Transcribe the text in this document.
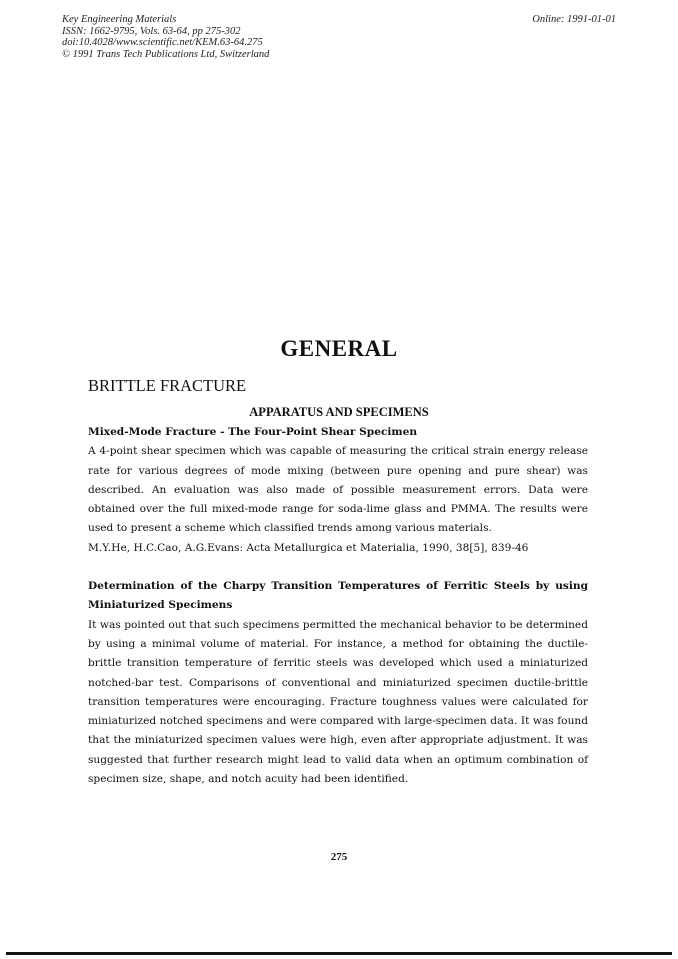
Key Engineering Materials
ISSN: 1662-9795, Vols. 63-64, pp 275-302
doi:10.4028/www.scientific.net/KEM.63-64.275
© 1991 Trans Tech Publications Ltd, Switzerland
Online: 1991-01-01
GENERAL
BRITTLE FRACTURE
APPARATUS AND SPECIMENS

Mixed-Mode Fracture - The Four-Point Shear Specimen

A 4-point shear specimen which was capable of measuring the critical strain energy release rate for various degrees of mode mixing (between pure opening and pure shear) was described. An evaluation was also made of possible measurement errors. Data were obtained over the full mixed-mode range for soda-lime glass and PMMA. The results were used to present a scheme which classified trends among various materials.

M.Y.He, H.C.Cao, A.G.Evans: Acta Metallurgica et Materialia, 1990, 38[5], 839-46

Determination of the Charpy Transition Temperatures of Ferritic Steels by using Miniaturized Specimens

It was pointed out that such specimens permitted the mechanical behavior to be determined by using a minimal volume of material. For instance, a method for obtaining the ductile-brittle transition temperature of ferritic steels was developed which used a miniaturized notched-bar test. Comparisons of conventional and miniaturized specimen ductile-brittle transition temperatures were encouraging. Fracture toughness values were calculated for miniaturized notched specimens and were compared with large-specimen data. It was found that the miniaturized specimen values were high, even after appropriate adjustment. It was suggested that further research might lead to valid data when an optimum combination of specimen size, shape, and notch acuity had been identified.

275
